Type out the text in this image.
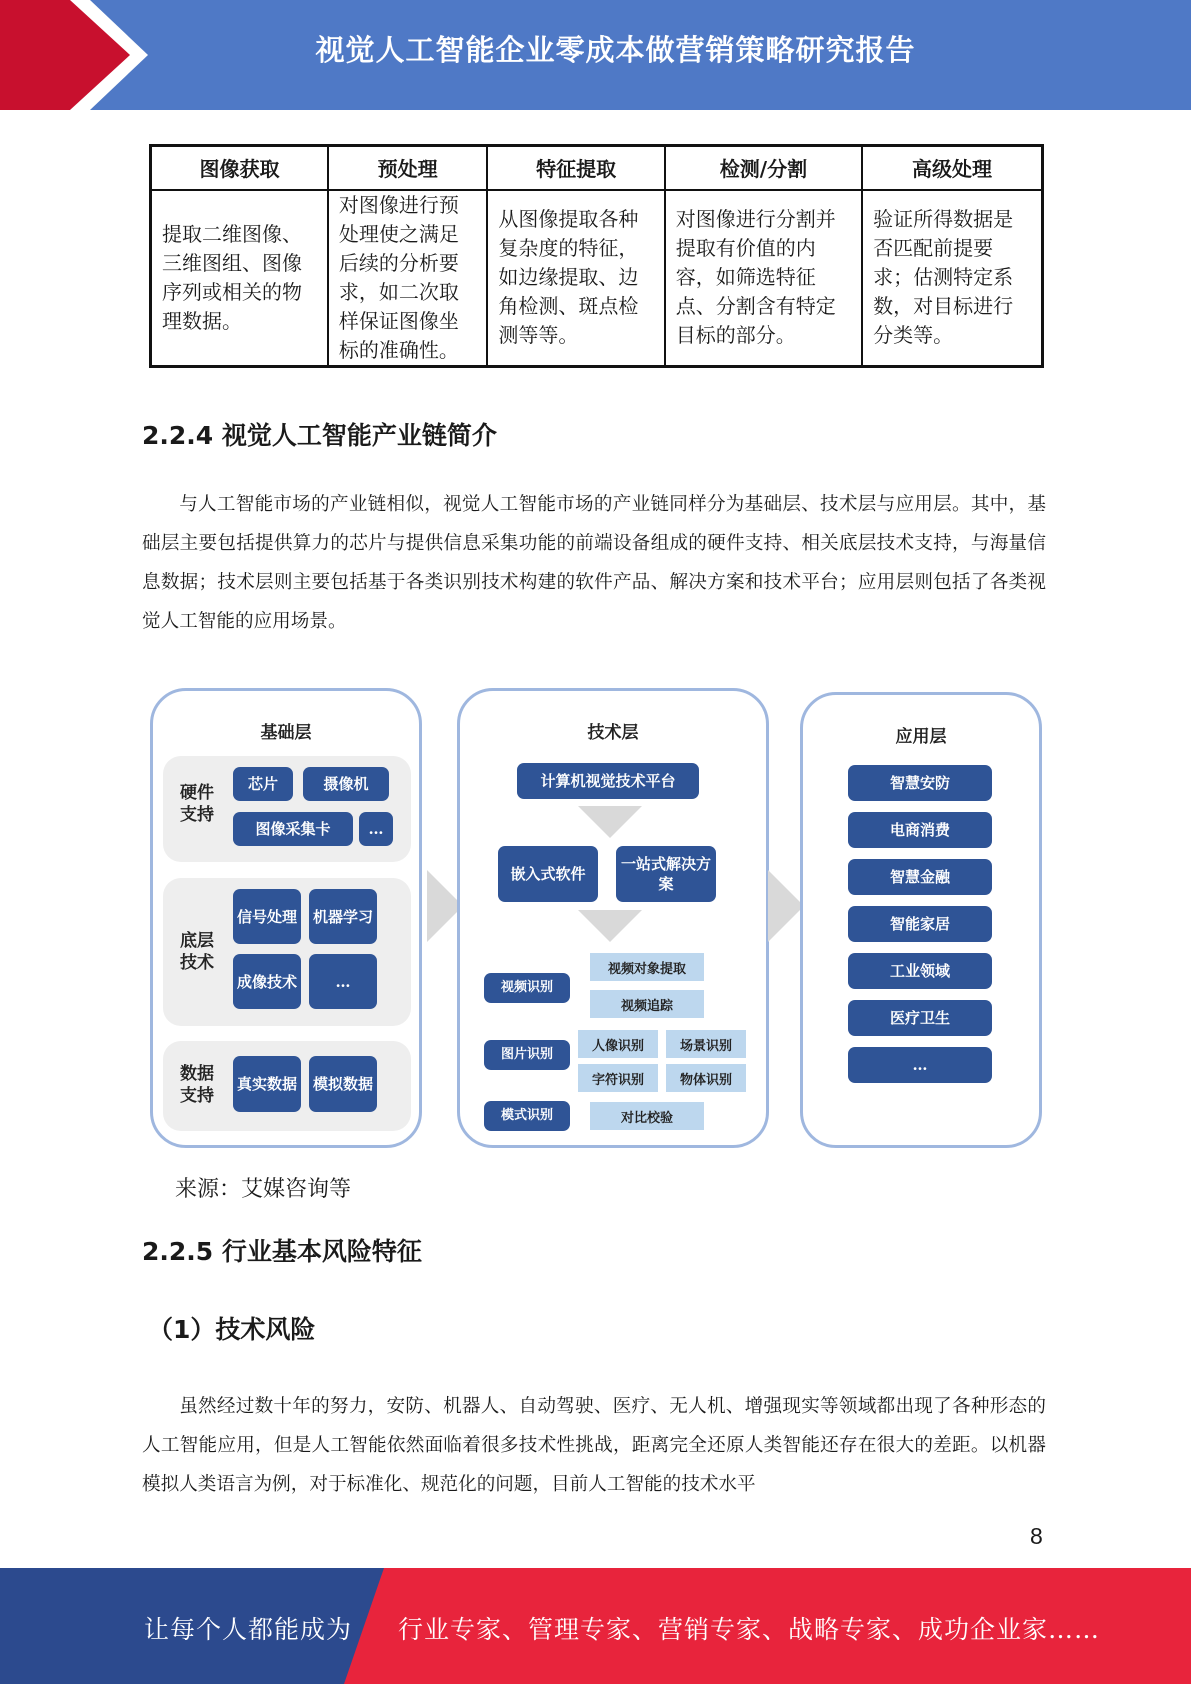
视觉人工智能企业零成本做营销策略研究报告
图像获取	预处理	特征提取	检测/分割	高级处理
提取二维图像、三维图组、图像序列或相关的物理数据。	对图像进行预处理使之满足后续的分析要求，如二次取样保证图像坐标的准确性。	从图像提取各种复杂度的特征，如边缘提取、边角检测、斑点检测等等。	对图像进行分割并提取有价值的内容，如筛选特征点、分割含有特定目标的部分。	验证所得数据是否匹配前提要求；估测特定系数，对目标进行分类等。
2.2.4 视觉人工智能产业链简介
与人工智能市场的产业链相似，视觉人工智能市场的产业链同样分为基础层、技术层与应用层。其中，基础层主要包括提供算力的芯片与提供信息采集功能的前端设备组成的硬件支持、相关底层技术支持，与海量信息数据；技术层则主要包括基于各类识别技术构建的软件产品、解决方案和技术平台；应用层则包括了各类视觉人工智能的应用场景。
基础层
硬件支持
芯片	摄像机
图像采集卡	…
底层技术
信号处理 机器学习
成像技术	…
数据支持
真实数据 模拟数据
技术层
计算机视觉技术平台
嵌入式软件
一站式解决方案
视频识别
视频对象提取
视频追踪
图片识别
人像识别	场景识别
字符识别	物体识别
模式识别	对比校验
应用层
智慧安防
电商消费
智慧金融
智能家居
工业领域
医疗卫生
…
来源：艾媒咨询等
2.2.5 行业基本风险特征
（1）技术风险
虽然经过数十年的努力，安防、机器人、自动驾驶、医疗、无人机、增强现实等领域都出现了各种形态的人工智能应用，但是人工智能依然面临着很多技术性挑战，距离完全还原人类智能还存在很大的差距。以机器模拟人类语言为例，对于标准化、规范化的问题，目前人工智能的技术水平
8
让每个人都能成为 行业专家、管理专家、营销专家、战略专家、成功企业家……
